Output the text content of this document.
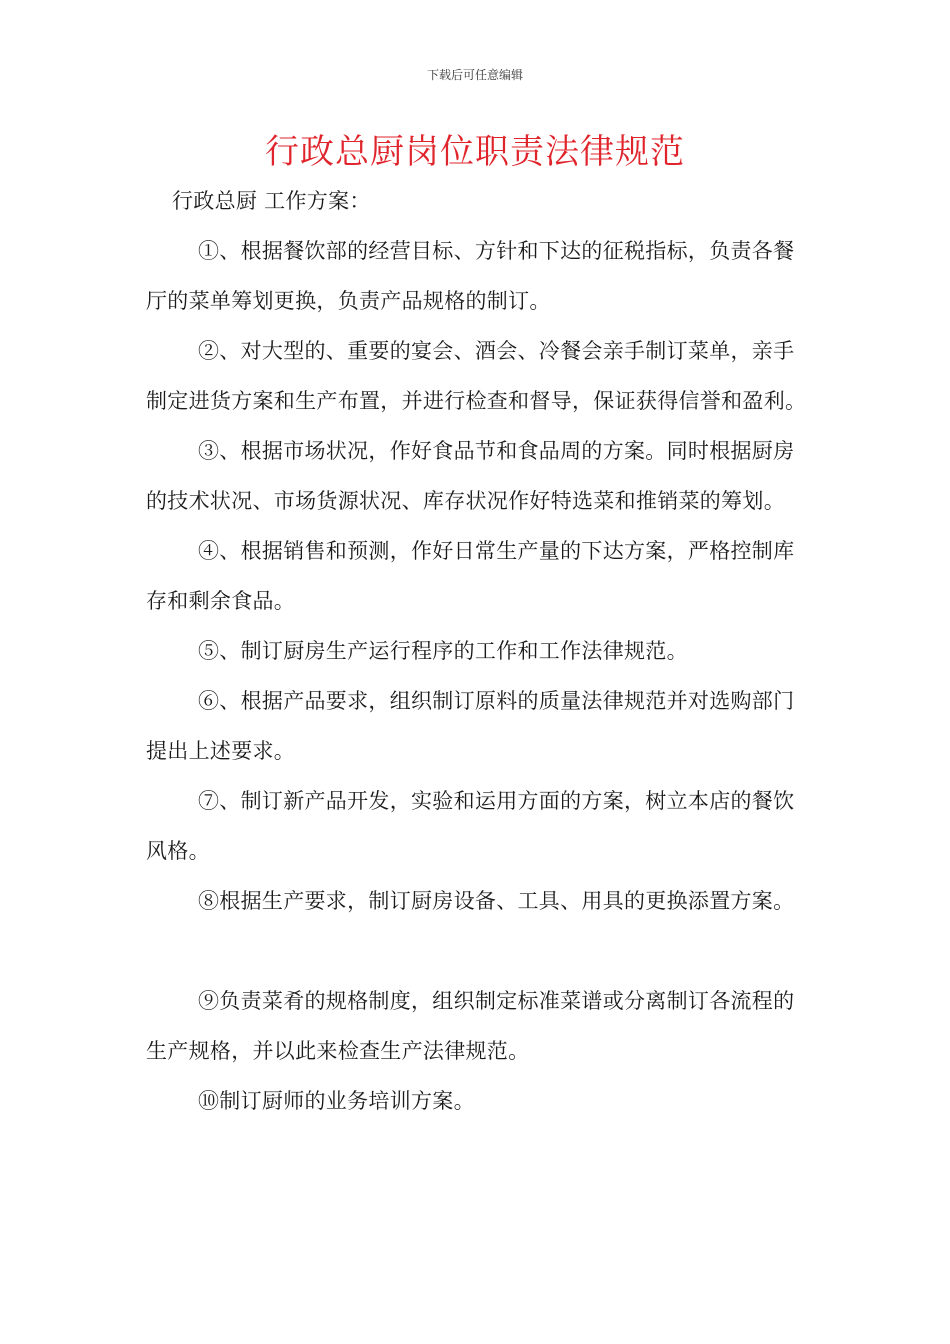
下载后可任意编辑
行政总厨岗位职责法律规范

行政总厨 工作方案：

①、根据餐饮部的经营目标、方针和下达的征税指标，负责各餐厅的菜单筹划更换，负责产品规格的制订。

②、对大型的、重要的宴会、酒会、冷餐会亲手制订菜单，亲手制定进货方案和生产布置，并进行检查和督导，保证获得信誉和盈利。

③、根据市场状况，作好食品节和食品周的方案。同时根据厨房的技术状况、市场货源状况、库存状况作好特选菜和推销菜的筹划。

④、根据销售和预测，作好日常生产量的下达方案，严格控制库存和剩余食品。

⑤、制订厨房生产运行程序的工作和工作法律规范。

⑥、根据产品要求，组织制订原料的质量法律规范并对选购部门提出上述要求。

⑦、制订新产品开发，实验和运用方面的方案，树立本店的餐饮风格。

⑧根据生产要求，制订厨房设备、工具、用具的更换添置方案。

⑨负责菜肴的规格制度，组织制定标准菜谱或分离制订各流程的生产规格，并以此来检查生产法律规范。

⑩制订厨师的业务培训方案。
